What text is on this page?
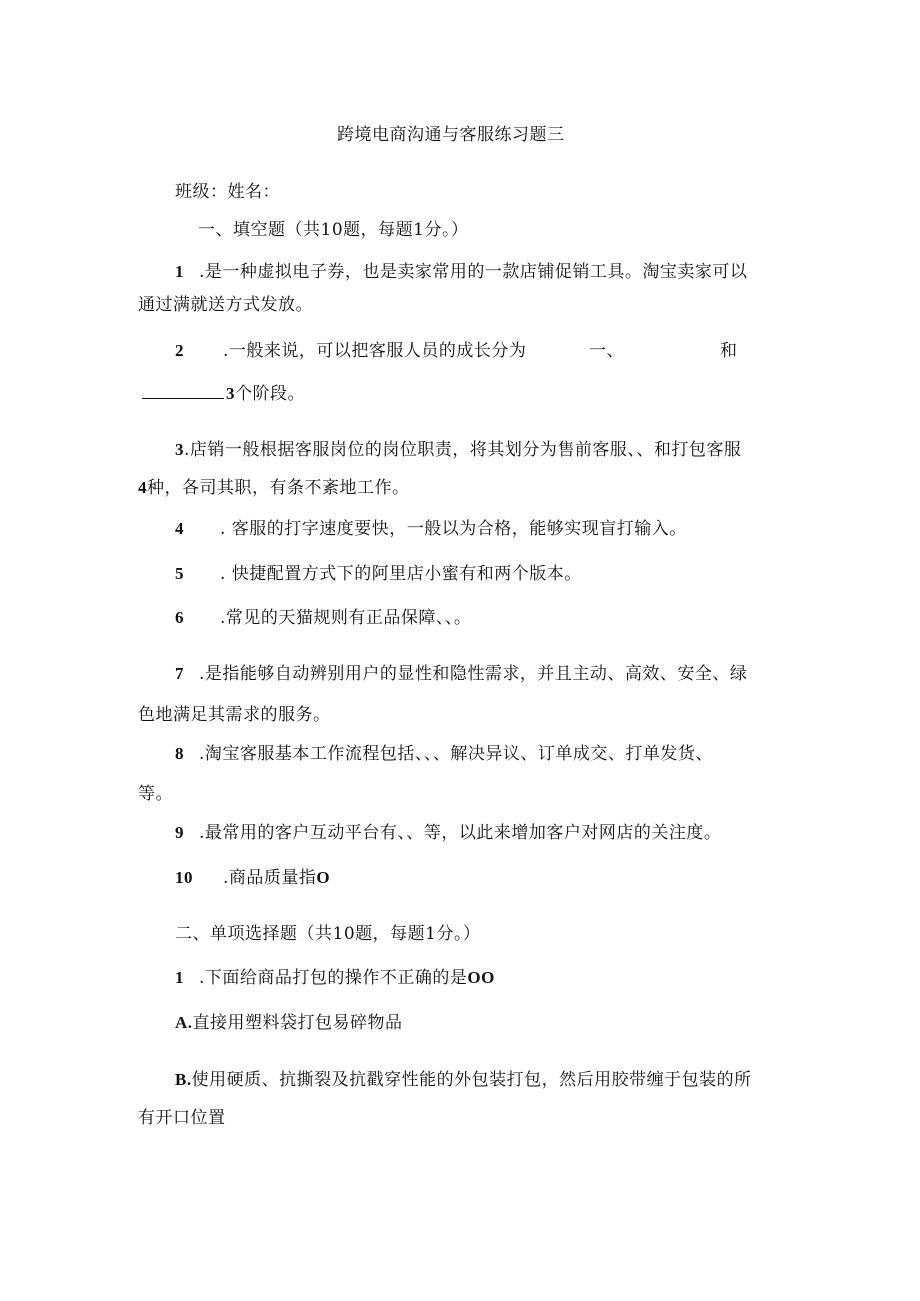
跨境电商沟通与客服练习题三
班级：姓名：
一、填空题（共10题，每题1分。）
1 .是一种虚拟电子券，也是卖家常用的一款店铺促销工具。淘宝卖家可以
通过满就送方式发放。
2 .一般来说，可以把客服人员的成长分为	一、	和
3个阶段。
3.店销一般根据客服岗位的岗位职责，将其划分为售前客服、、和打包客服
4种，各司其职，有条不紊地工作。
4 . 客服的打字速度要快，一般以为合格，能够实现盲打输入。
5 . 快捷配置方式下的阿里店小蜜有和两个版本。
6 .常见的天猫规则有正品保障、、。
7 .是指能够自动辨别用户的显性和隐性需求，并且主动、高效、安全、绿
色地满足其需求的服务。
8 .淘宝客服基本工作流程包括、、、解决异议、订单成交、打单发货、
等。
9 .最常用的客户互动平台有、、等，以此来增加客户对网店的关注度。
10 .商品质量指O
二、单项选择题（共10题，每题1分。）
1 .下面给商品打包的操作不正确的是OO
A.直接用塑料袋打包易碎物品
B.使用硬质、抗撕裂及抗戳穿性能的外包装打包，然后用胶带缠于包装的所
有开口位置
